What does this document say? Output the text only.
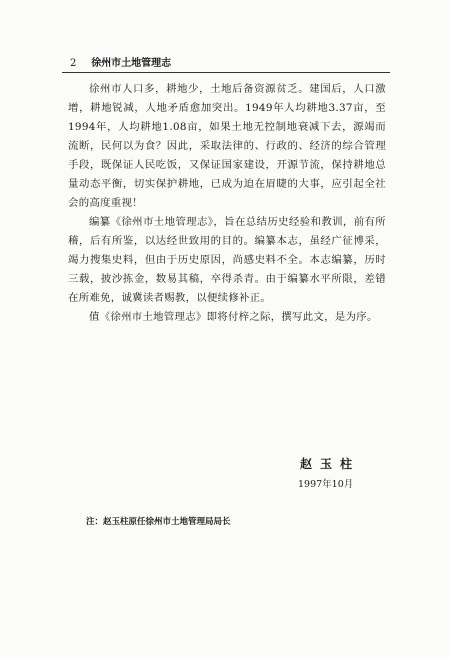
2 徐州市土地管理志

徐州市人口多，耕地少，土地后备资源贫乏。建国后，人口激增，耕地锐减，人地矛盾愈加突出。1949年人均耕地3.37亩，至1994年，人均耕地1.08亩，如果土地无控制地衰减下去，源竭而流断，民何以为食？因此，采取法律的、行政的、经济的综合管理手段，既保证人民吃饭，又保证国家建设，开源节流，保持耕地总量动态平衡，切实保护耕地，已成为迫在眉睫的大事，应引起全社会的高度重视！

编纂《徐州市土地管理志》，旨在总结历史经验和教训，前有所稽，后有所鉴，以达经世致用的目的。编纂本志，虽经广征博采，竭力搜集史料，但由于历史原因，尚感史料不全。本志编纂，历时三载，披沙拣金，数易其稿，卒得杀青。由于编纂水平所限，差错在所难免，诚冀读者赐教，以便续修补正。

值《徐州市土地管理志》即将付梓之际，撰写此文，是为序。

赵玉柱
1997年10月
注：赵玉柱原任徐州市土地管理局局长
